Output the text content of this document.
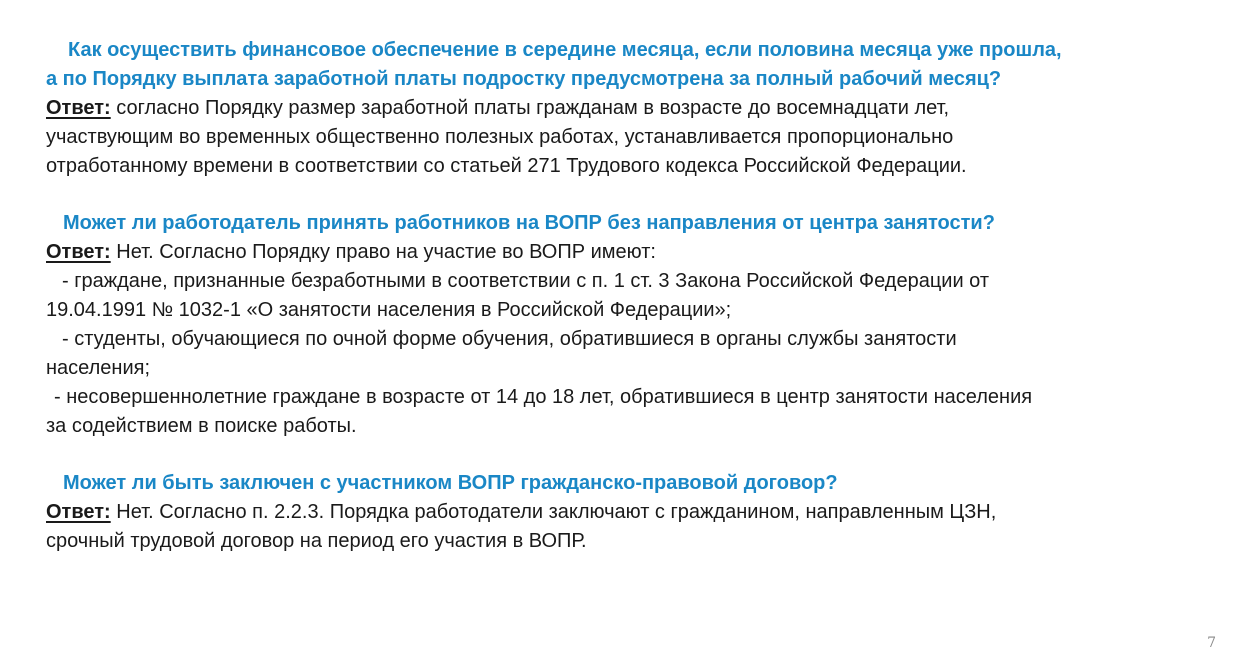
Как осуществить финансовое обеспечение в середине месяца, если половина месяца уже прошла,
а по Порядку выплата заработной платы подростку предусмотрена за полный рабочий месяц?
Ответ: согласно Порядку размер заработной платы гражданам в возрасте до восемнадцати лет,
участвующим во временных общественно полезных работах, устанавливается пропорционально
отработанному времени в соответствии со статьей 271 Трудового кодекса Российской Федерации.
Может ли работодатель принять работников на ВОПР без направления от центра занятости?
Ответ: Нет. Согласно Порядку право на участие во ВОПР имеют:
- граждане, признанные безработными в соответствии с п. 1 ст. 3 Закона Российской Федерации от
19.04.1991 № 1032-1 «О занятости населения в Российской Федерации»;
- студенты, обучающиеся по очной форме обучения, обратившиеся в органы службы занятости
населения;
- несовершеннолетние граждане в возрасте от 14 до 18 лет, обратившиеся в центр занятости населения
за содействием в поиске работы.
Может ли быть заключен с участником ВОПР гражданско-правовой договор?
Ответ: Нет. Согласно п. 2.2.3. Порядка работодатели заключают с гражданином, направленным ЦЗН,
срочный трудовой договор на период его участия в ВОПР.
7
